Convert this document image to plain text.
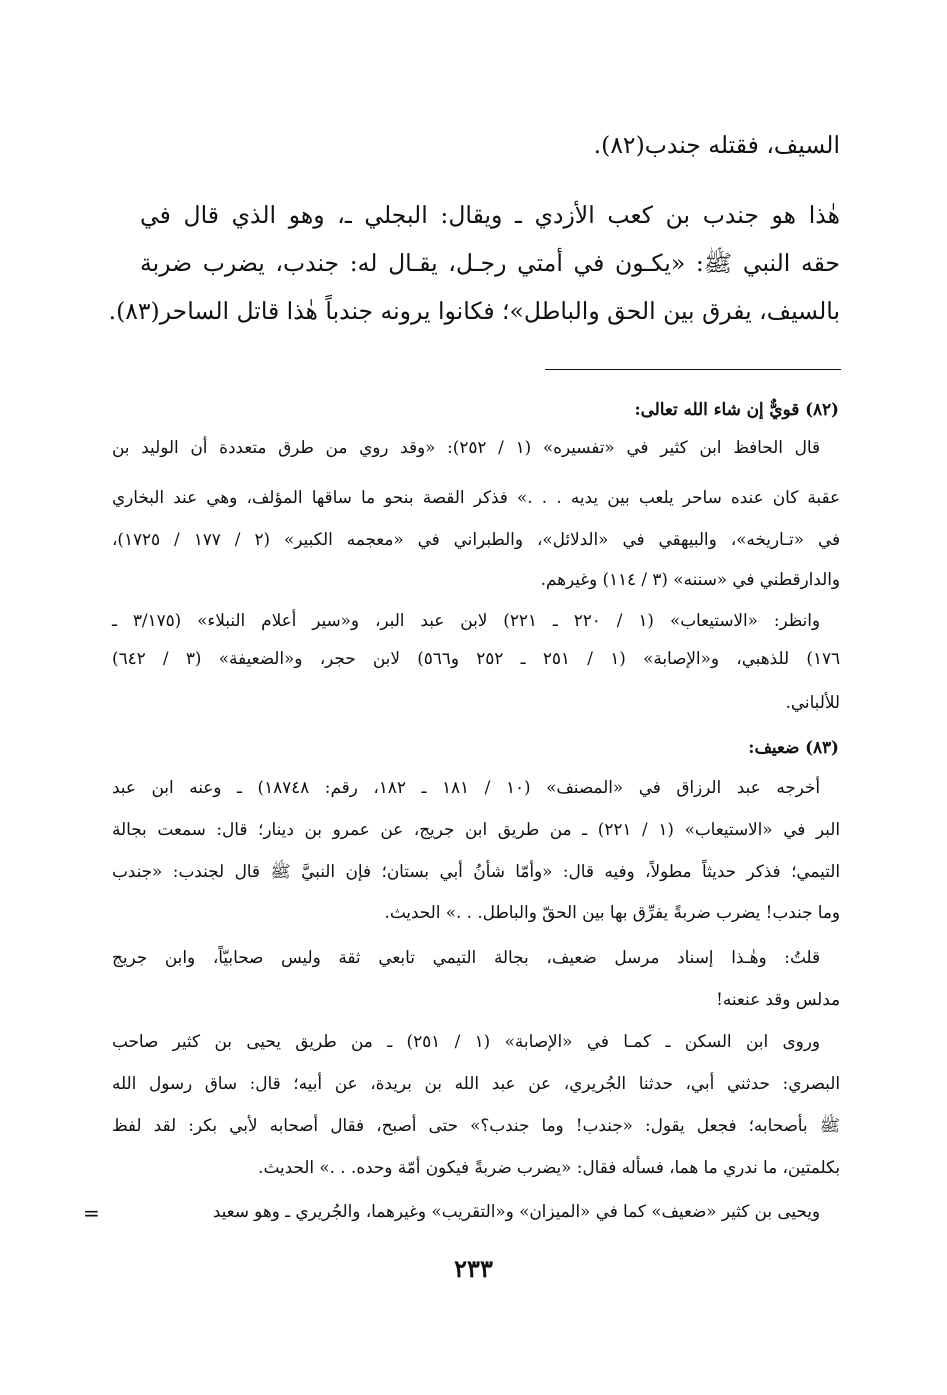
السيف، فقتله جندب(٨٢).
هٰذا هو جندب بن كعب الأزدي ـ ويقال: البجلي ـ، وهو الذي قال في
حقه النبي ﷺ: «يكـون في أمتي رجـل، يقـال له: جندب، يضرب ضربة
بالسيف، يفرق بين الحق والباطل»؛ فكانوا يرونه جندباً هٰذا قاتل الساحر(٨٣).
(٨٢) قويٌّ إن شاء الله تعالى:
قال الحافظ ابن كثير في «تفسيره» (١ / ٢٥٢): «وقد روي من طرق متعددة أن الوليد بن
عقبة كان عنده ساحر يلعب بين يديه . . .» فذكر القصة بنحو ما ساقها المؤلف، وهي عند البخاري
في «تـاريخه»، والبيهقي في «الدلائل»، والطبراني في «معجمه الكبير» (٢ / ١٧٧ / ١٧٢٥)،
والدارقطني في «سننه» (٣ / ١١٤) وغيرهم.
وانظر: «الاستيعاب» (١ / ٢٢٠ ـ ٢٢١) لابن عبد البر، و«سير أعلام النبلاء» (٣/١٧٥ ـ
١٧٦) للذهبي، و«الإصابة» (١ / ٢٥١ ـ ٢٥٢ و٥٦٦) لابن حجر، و«الضعيفة» (٣ / ٦٤٢)
للألباني.
(٨٣) ضعيف:
أخرجه عبد الرزاق في «المصنف» (١٠ / ١٨١ ـ ١٨٢، رقم: ١٨٧٤٨) ـ وعنه ابن عبد
البر في «الاستيعاب» (١ / ٢٢١) ـ من طريق ابن جريج، عن عمرو بن دينار؛ قال: سمعت بجالة
التيمي؛ فذكر حديثاً مطولاً، وفيه قال: «وأمّا شأنُ أبي بستان؛ فإن النبيَّ ﷺ قال لجندب: «جندب
وما جندب! يضرب ضربةً يفرِّق بها بين الحقّ والباطل. . .» الحديث.
قلتُ: وهٰـذا إسناد مرسل ضعيف، بجالة التيمي تابعي ثقة وليس صحابيّاً، وابن جريج
مدلس وقد عنعنه!
وروى ابن السكن ـ كمـا في «الإصابة» (١ / ٢٥١) ـ من طريق يحيى بن كثير صاحب
البصري: حدثني أبي، حدثنا الجُريري، عن عبد الله بن بريدة، عن أبيه؛ قال: ساق رسول الله
ﷺ بأصحابه؛ فجعل يقول: «جندب! وما جندب؟» حتى أصبح، فقال أصحابه لأبي بكر: لقد لفظ
بكلمتين، ما ندري ما هما، فسأله فقال: «يضرب ضربةً فيكون أمّة وحده. . .» الحديث.
ويحيى بن كثير «ضعيف» كما في «الميزان» و«التقريب» وغيرهما، والجُريري ـ وهو سعيد
=
٢٣٣
